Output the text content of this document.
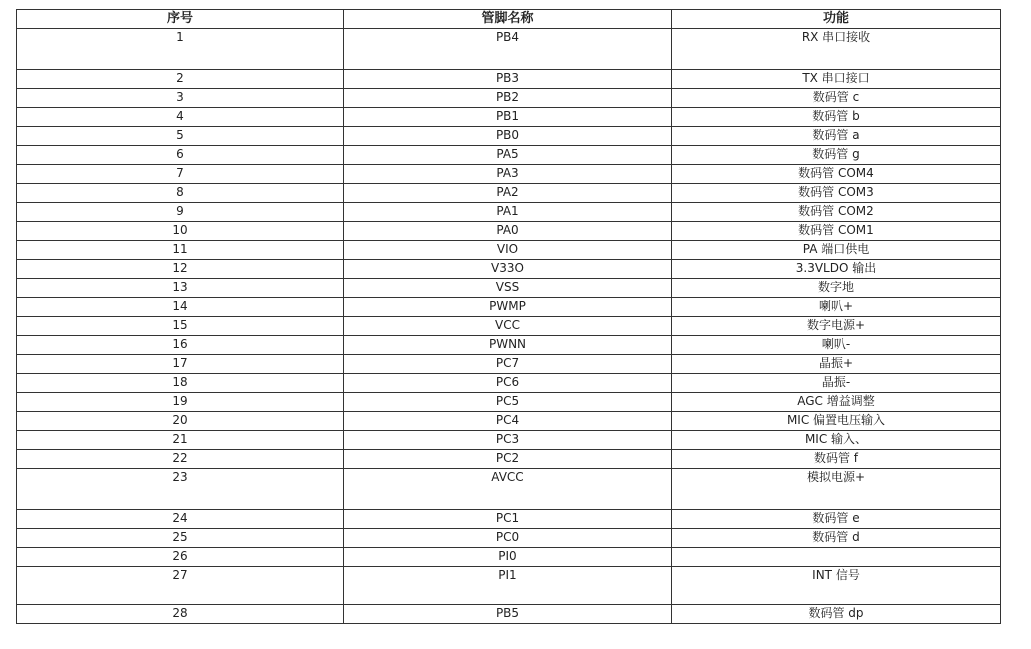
序号	管脚名称	功能
1	PB4	RX 串口接收
2	PB3	TX 串口接口
3	PB2	数码管 c
4	PB1	数码管 b
5	PB0	数码管 a
6	PA5	数码管 g
7	PA3	数码管 COM4
8	PA2	数码管 COM3
9	PA1	数码管 COM2
10	PA0	数码管 COM1
11	VIO	PA 端口供电
12	V33O	3.3VLDO 输出
13	VSS	数字地
14	PWMP	喇叭+
15	VCC	数字电源+
16	PWNN	喇叭-
17	PC7	晶振+
18	PC6	晶振-
19	PC5	AGC 增益调整
20	PC4	MIC 偏置电压输入
21	PC3	MIC 输入、
22	PC2	数码管 f
23	AVCC	模拟电源+
24	PC1	数码管 e
25	PC0	数码管 d
26	PI0	
27	PI1	INT 信号
28	PB5	数码管 dp
